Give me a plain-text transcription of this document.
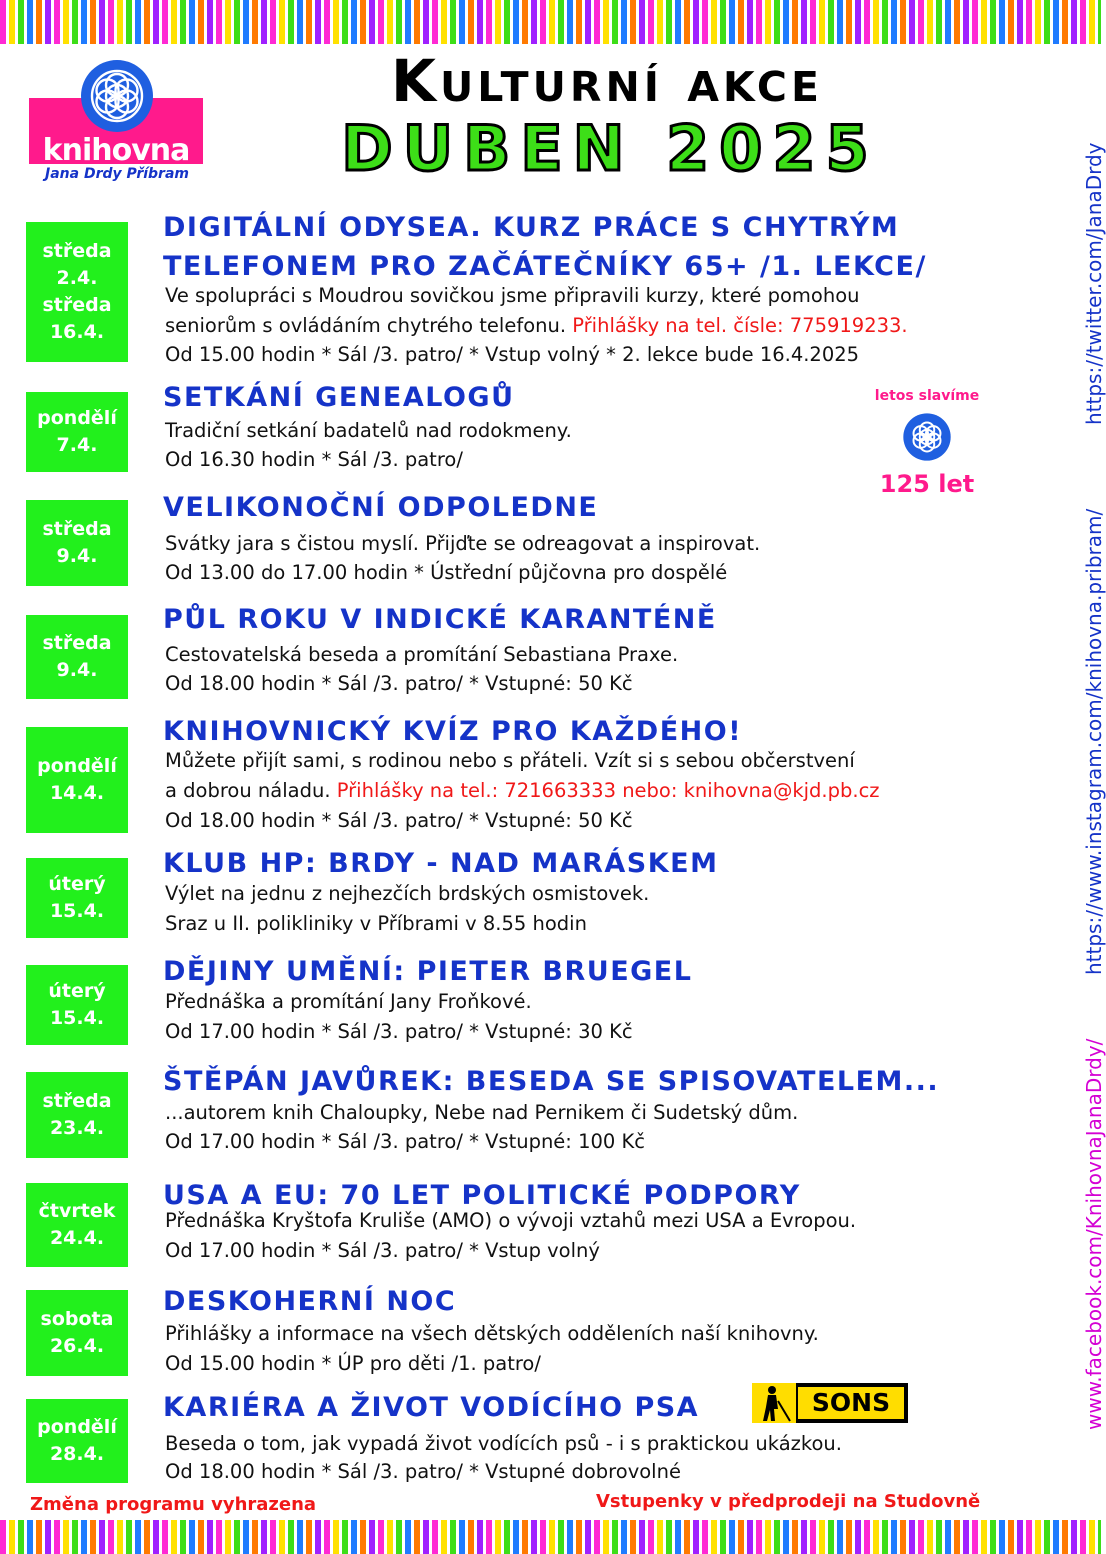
knihovna
Jana Drdy Příbram
Kulturní akce
DUBEN 2025	https://twitter.com/JanaDrdy
https://www.instagram.com/knihovna.pribram/
www.facebook.com/KnihovnaJanaDrdy/
letos slavíme
125 let
středa
2.4.
středa
16.4.
DIGITÁLNÍ ODYSEA. KURZ PRÁCE S CHYTRÝM
TELEFONEM PRO ZAČÁTEČNÍKY 65+ /1. LEKCE/
Ve spolupráci s Moudrou sovičkou jsme připravili kurzy, které pomohou
seniorům s ovládáním chytrého telefonu. Přihlášky na tel. čísle: 775919233.
Od 15.00 hodin * Sál /3. patro/ * Vstup volný * 2. lekce bude 16.4.2025
pondělí
7.4.
SETKÁNÍ GENEALOGŮ
Tradiční setkání badatelů nad rodokmeny.
Od 16.30 hodin * Sál /3. patro/
středa
9.4.
VELIKONOČNÍ ODPOLEDNE
Svátky jara s čistou myslí. Přijďte se odreagovat a inspirovat.
Od 13.00 do 17.00 hodin * Ústřední půjčovna pro dospělé
středa
9.4.
PŮL ROKU V INDICKÉ KARANTÉNĚ
Cestovatelská beseda a promítání Sebastiana Praxe.
Od 18.00 hodin * Sál /3. patro/ * Vstupné: 50 Kč
pondělí
14.4.
KNIHOVNICKÝ KVÍZ PRO KAŽDÉHO!
Můžete přijít sami, s rodinou nebo s přáteli. Vzít si s sebou občerstvení
a dobrou náladu. Přihlášky na tel.: 721663333 nebo: knihovna@kjd.pb.cz
Od 18.00 hodin * Sál /3. patro/ * Vstupné: 50 Kč
úterý
15.4.
KLUB HP: BRDY - NAD MARÁSKEM
Výlet na jednu z nejhezčích brdských osmistovek.
Sraz u II. polikliniky v Příbrami v 8.55 hodin
úterý
15.4.
DĚJINY UMĚNÍ: PIETER BRUEGEL
Přednáška a promítání Jany Froňkové.
Od 17.00 hodin * Sál /3. patro/ * Vstupné: 30 Kč
středa
23.4.
ŠTĚPÁN JAVŮREK: BESEDA SE SPISOVATELEM...
...autorem knih Chaloupky, Nebe nad Pernikem či Sudetský dům.
Od 17.00 hodin * Sál /3. patro/ * Vstupné: 100 Kč
čtvrtek
24.4.
USA A EU: 70 LET POLITICKÉ PODPORY
Přednáška Kryštofa Kruliše (AMO) o vývoji vztahů mezi USA a Evropou.
Od 17.00 hodin * Sál /3. patro/ * Vstup volný
sobota
26.4.
DESKOHERNÍ NOC
Přihlášky a informace na všech dětských odděleních naší knihovny.
Od 15.00 hodin * ÚP pro děti /1. patro/
pondělí
28.4.
KARIÉRA A ŽIVOT VODÍCÍHO PSA
Beseda o tom, jak vypadá život vodících psů - i s praktickou ukázkou.
Od 18.00 hodin * Sál /3. patro/ * Vstupné dobrovolné
SONS
Změna programu vyhrazena	Vstupenky v předprodeji na Studovně
